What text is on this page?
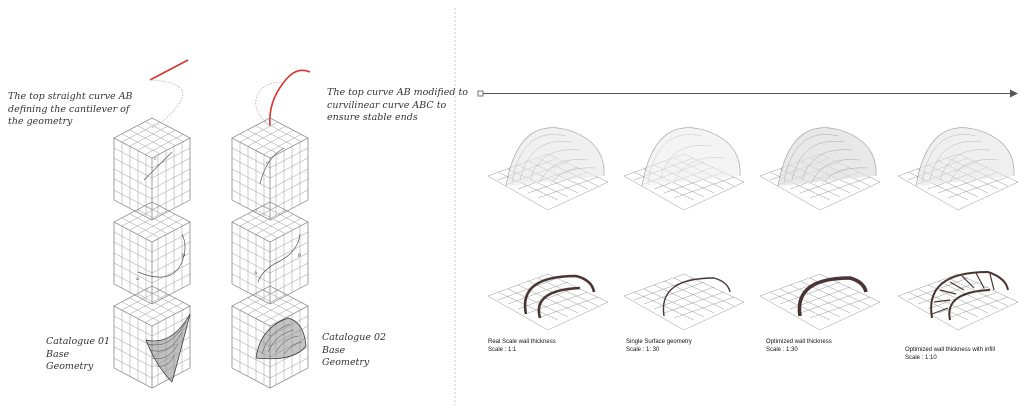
The top straight curve AB
defining the cantilever of
the geometry
The top curve AB modified to
curvilinear curve ABC to
ensure stable ends
Catalogue 01
Base
Geometry
Catalogue 02
Base
Geometry
c
p
a
c
p
a
Real Scale wall thickness
Scale : 1:1
Single Surface geometry
Scale : 1: 30
Optimized wall thickness
Scale : 1:30	Optimized wall thickness with infill
Scale : 1:10
